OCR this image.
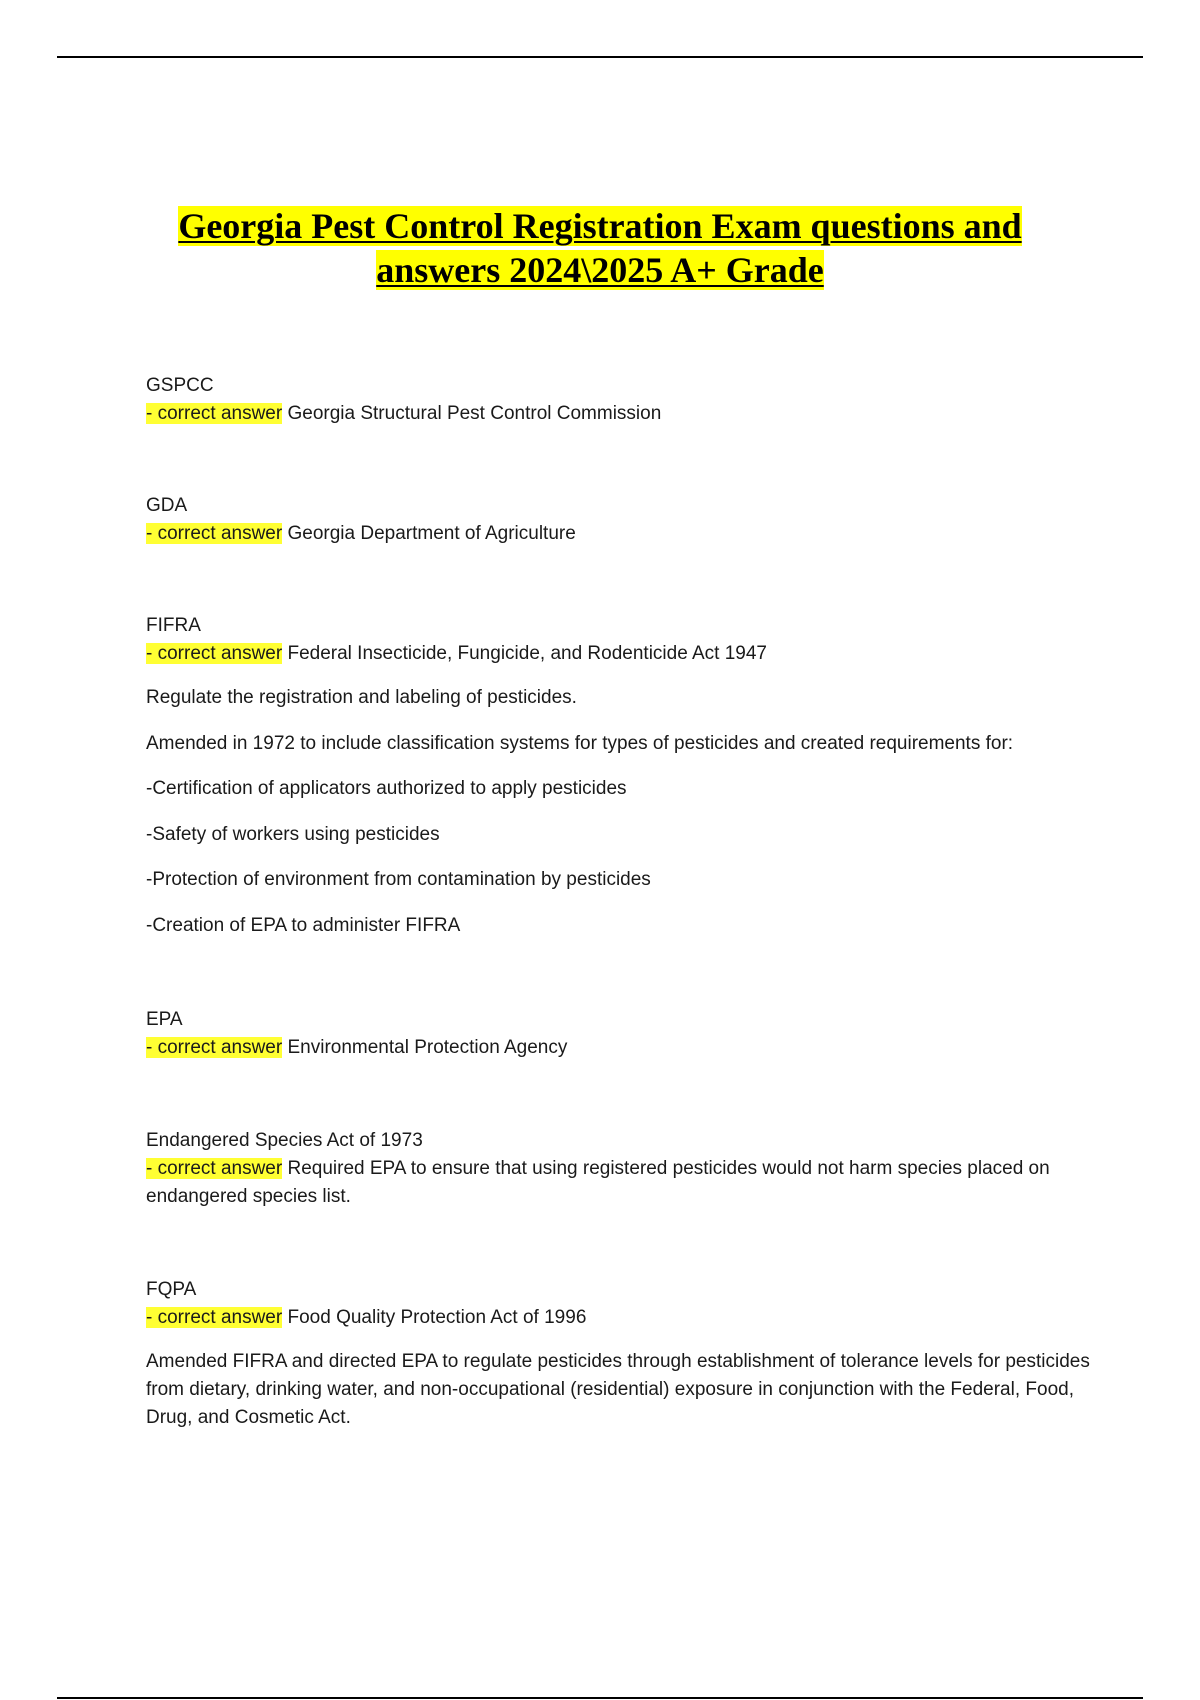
Georgia Pest Control Registration Exam questions and
answers 2024\2025 A+ Grade
GSPCC
- correct answer Georgia Structural Pest Control Commission
GDA
- correct answer Georgia Department of Agriculture
FIFRA
- correct answer Federal Insecticide, Fungicide, and Rodenticide Act 1947

Regulate the registration and labeling of pesticides.

Amended in 1972 to include classification systems for types of pesticides and created requirements for:

-Certification of applicators authorized to apply pesticides

-Safety of workers using pesticides

-Protection of environment from contamination by pesticides

-Creation of EPA to administer FIFRA

EPA
- correct answer Environmental Protection Agency
Endangered Species Act of 1973
- correct answer Required EPA to ensure that using registered pesticides would not harm species placed on endangered species list.
FQPA
- correct answer Food Quality Protection Act of 1996

Amended FIFRA and directed EPA to regulate pesticides through establishment of tolerance levels for pesticides from dietary, drinking water, and non-occupational (residential) exposure in conjunction with the Federal, Food, Drug, and Cosmetic Act.
